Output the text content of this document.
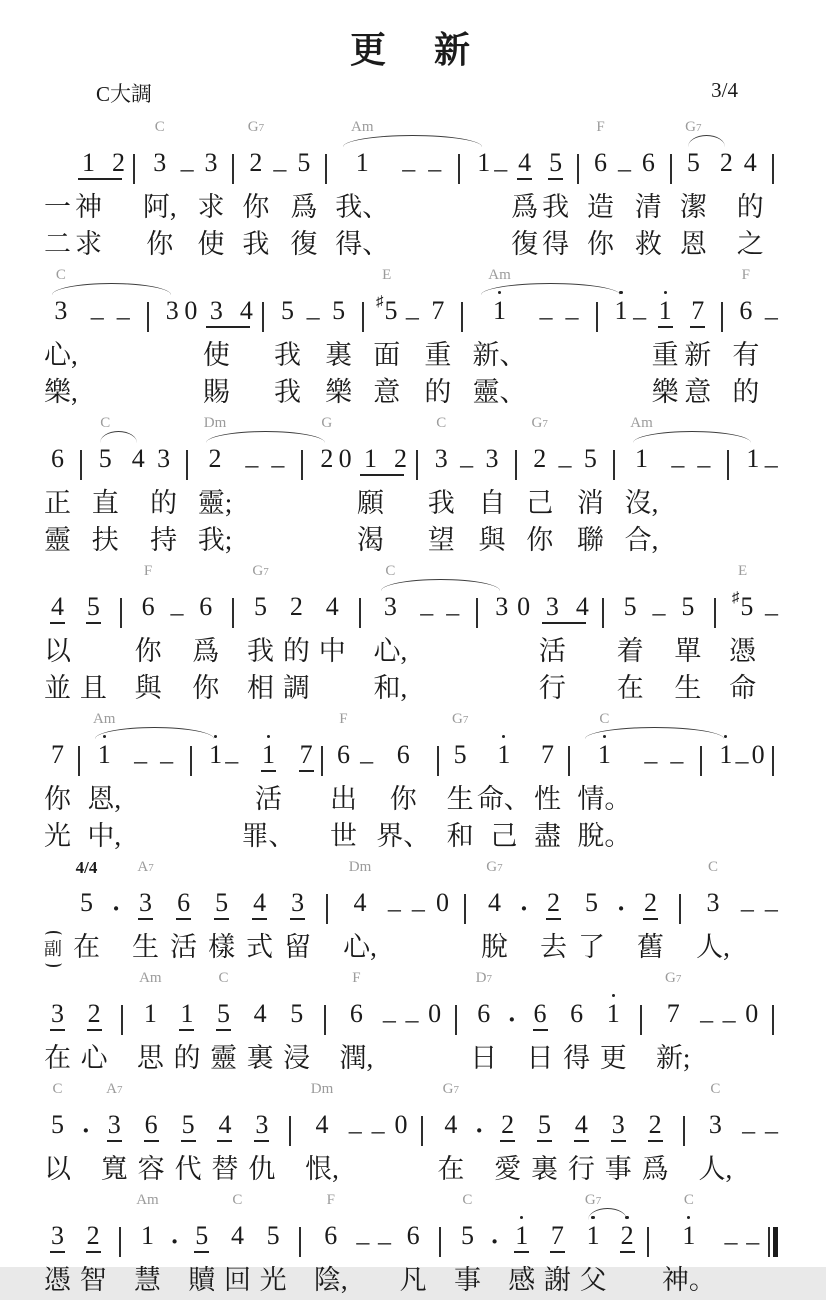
更　新
C大調	3/4
一
二
1
神
求
2
C
3
阿,
你
– 3
求
使
G7
2
你
我
– 5
爲
復
Am
1
我、
得、
– – 1 – 4
爲
復
5
我
得
F
6
造
你
– 6
清
救
G7
5
潔
恩
2 4
的
之
C
3
心,
樂,
– – 3 0 3
使
賜
4 5
我
我
– 5
裏
樂
E
♯ 5
面
意
– 7
重
的
Am
1
新、
靈、
– – 1 – 1
重
樂
7
新
意
F
6
有
的
–
6
正
靈
C
5
直
扶
4 3
的
持
Dm
2
靈;
我;
– –
G
2 0 1
願
渴
2
C
3
我
望
– 3
自
與
G7
2
己
你
– 5
消
聯
Am
1
沒,
合,
– – 1 –
4
以
並
5
且
F
6
你
與
– 6
爲
你
G7
5
我
相
2
的
調
4
中
C
3
心,
和,
– – 3 0 3
活
行
4 5
着
在
– 5
單
生
E
♯ 5
憑
命
–
7
你
光
Am
1
恩,
中,
– – 1 – 1
活
罪、
7
F
6
出
世
– 6
你
界、
G7
5
生
和
1
命、
己
7
性
盡
C
1
情。
脫。
– – 1 – 0
副
4/4
5
在
·
A7
3
生
6
活
5
樣
4
式
3
留
Dm
4
心,
– – 0
G7
4
脫
· 2
去
5
了
· 2
舊
C
3
人,
– –
3
在
2
心
Am
1
思
1
的
C
5
靈
4
裏
5
浸
F
6
潤,
– – 0
D7
6
日
· 6
日
6
得
1
更
G7
7
新;
– – 0
C
5
以
·
A7
3
寬
6
容
5
代
4
替
3
仇
Dm
4
恨,
– – 0
G7
4
在
· 2
愛
5
裏
4
行
3
事
2
爲
C
3
人,
– –
3
憑
2
智
Am
1
慧
· 5
贖
C
4
回
5
光
F
6
陰,
– – 6
凡
C
5
事
· 1
感
7
謝
G7
1
父
2
C
1
神。
– –
